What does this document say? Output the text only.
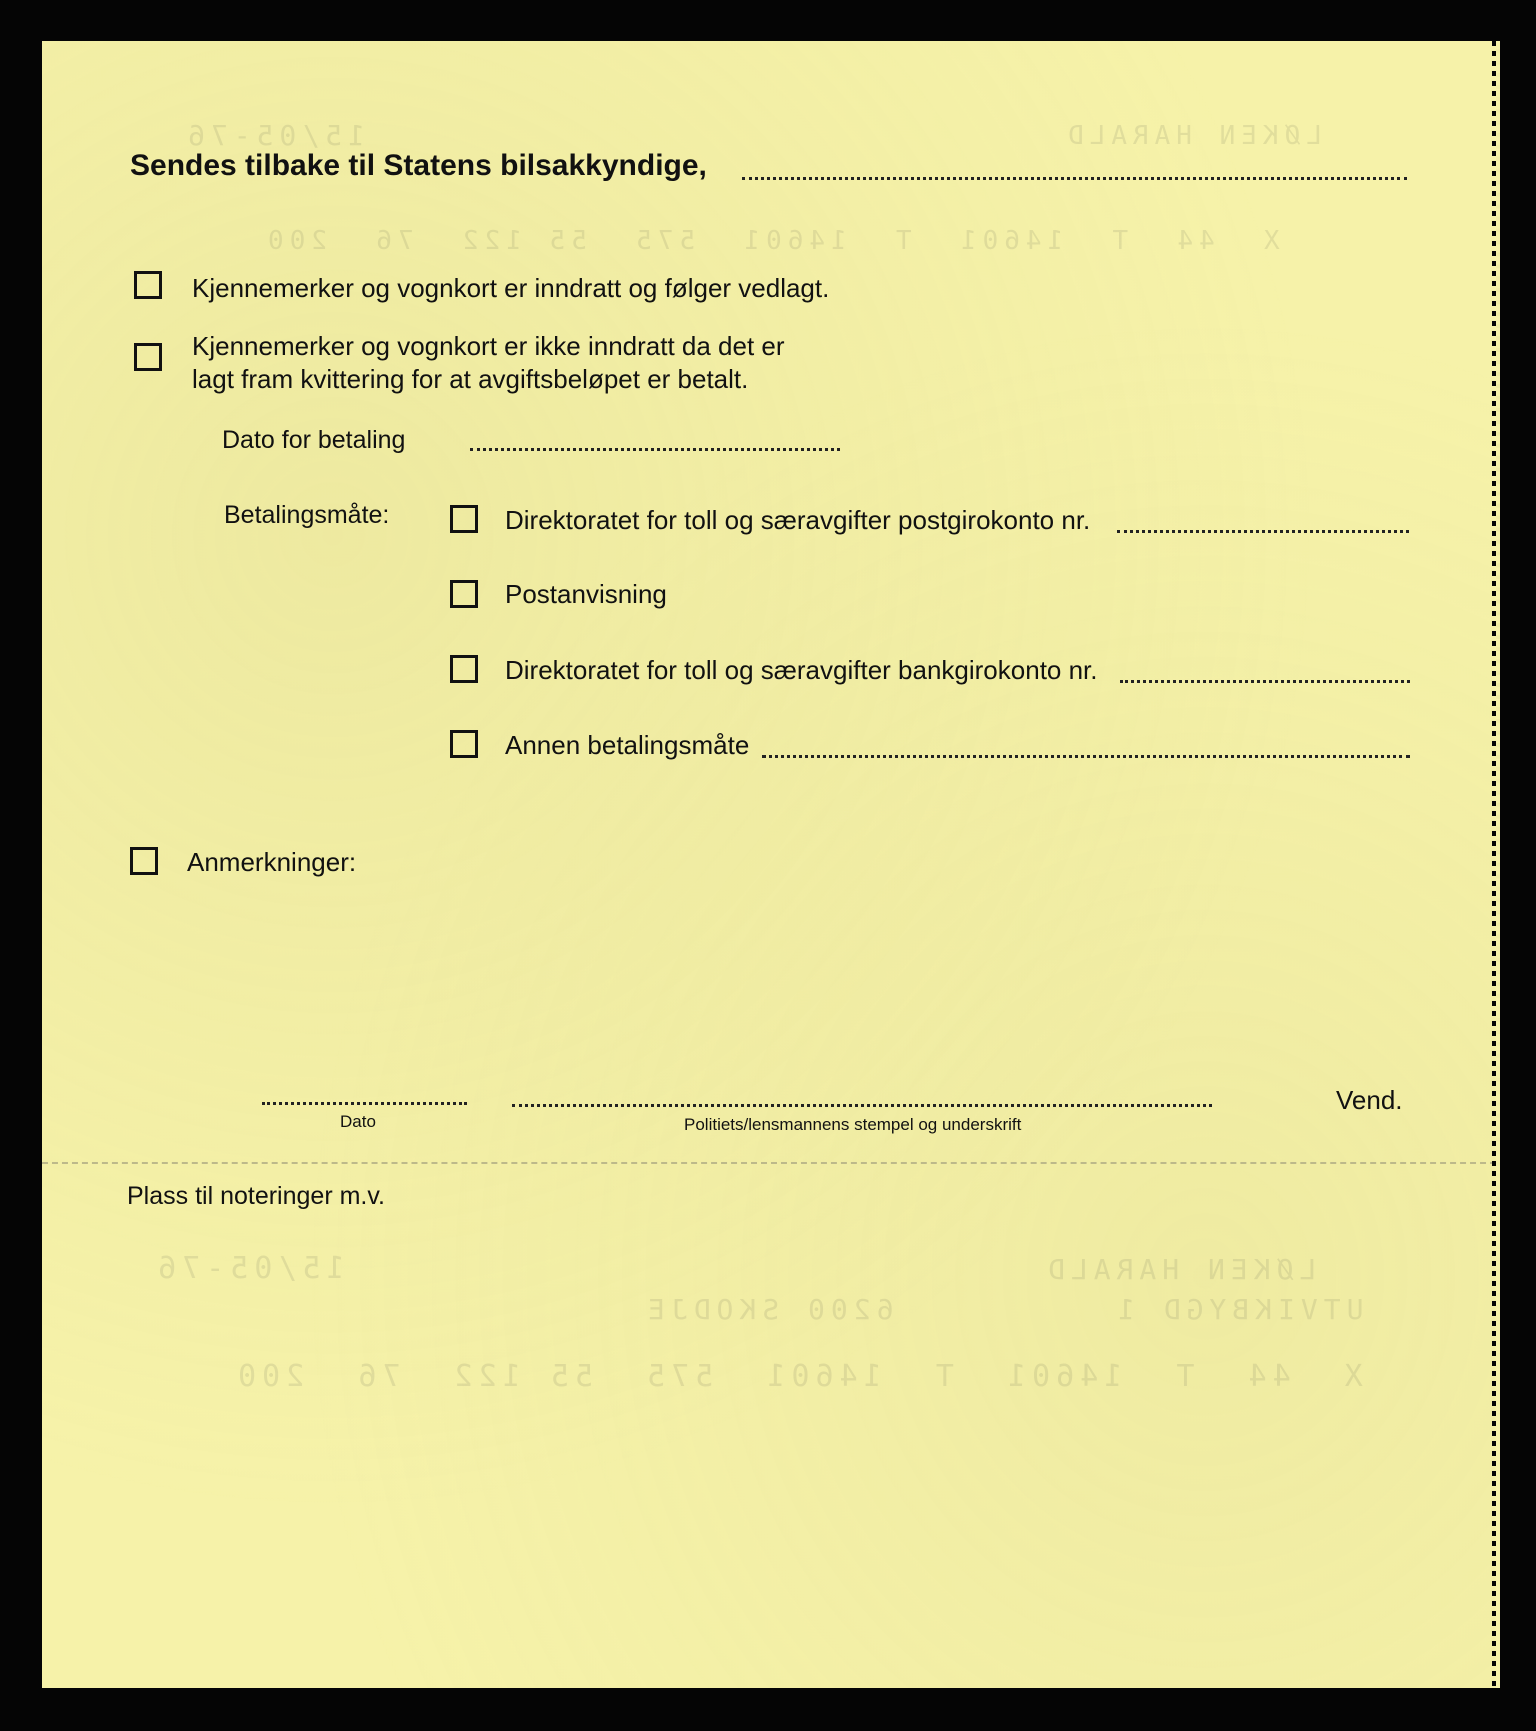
15/05-76	LØKEN HARALD
X  44  T  14601  T  14601  575  55 122  76  200
15/05-76	LØKEN HARALD
UTVIKBYGD 1
6200 SKODJE
X  44  T  14601  T  14601  575  55 122  76  200
Sendes tilbake til Statens bilsakkyndige,
Kjennemerker og vognkort er inndratt og følger vedlagt.
Kjennemerker og vognkort er ikke inndratt da det er
lagt fram kvittering for at avgiftsbeløpet er betalt.
Dato for betaling
Betalingsmåte:	Direktoratet for toll og særavgifter postgirokonto nr.
Postanvisning
Direktoratet for toll og særavgifter bankgirokonto nr.
Annen betalingsmåte
Anmerkninger:
Dato	Politiets/lensmannens stempel og underskrift
Vend.
Plass til noteringer m.v.
